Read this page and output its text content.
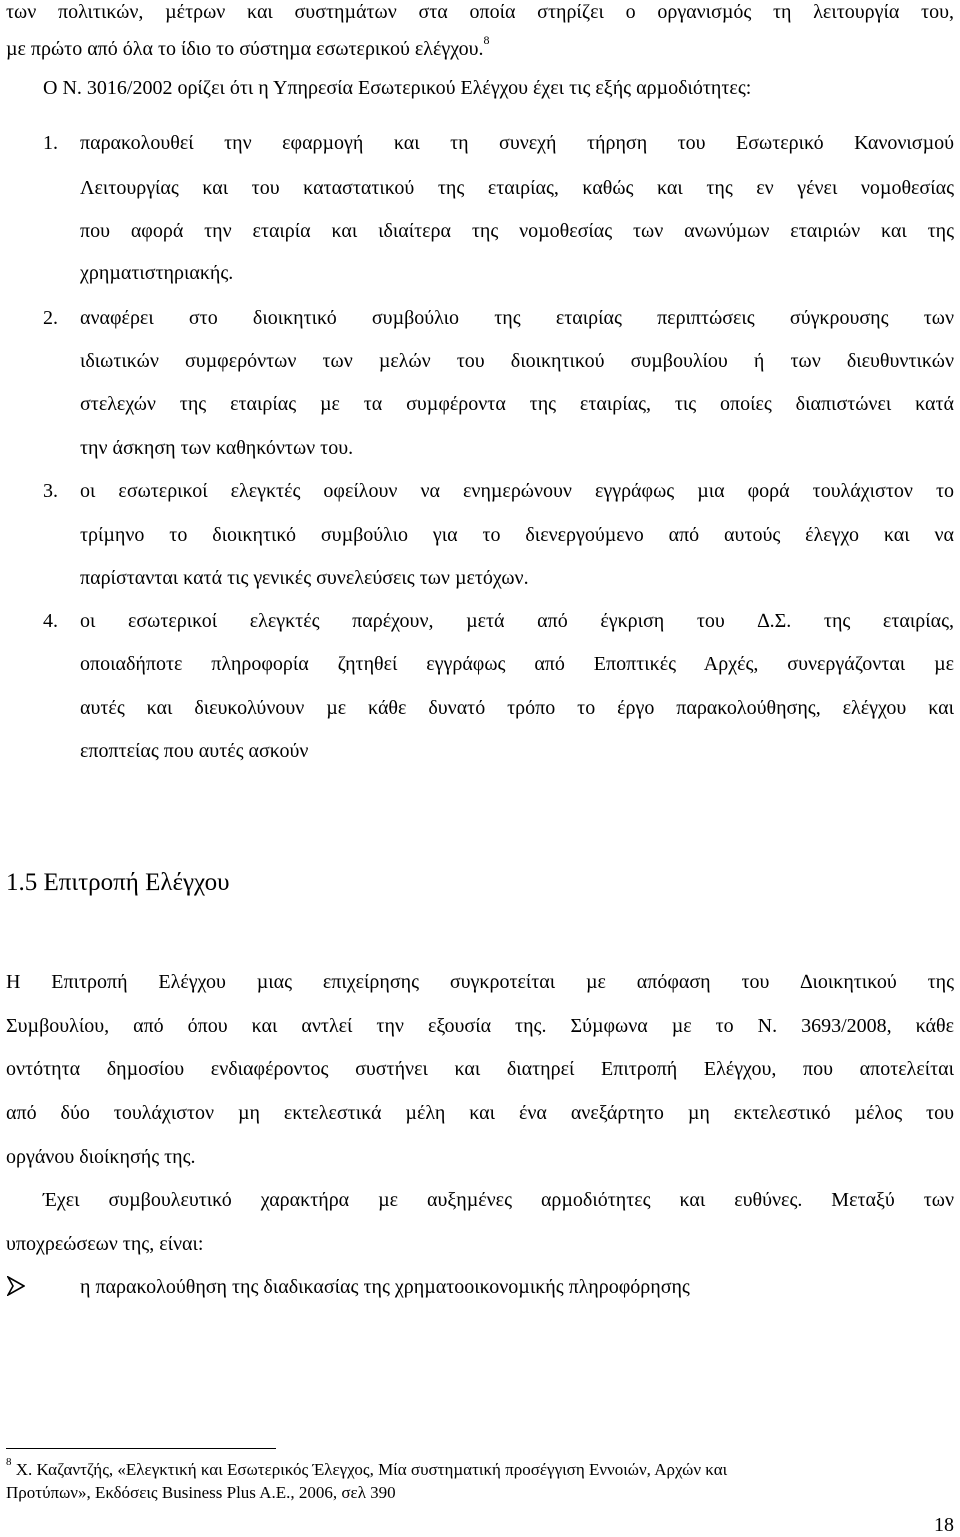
των πολιτικών, µέτρων και συστηµάτων στα οποία στηρίζει ο οργανισµός τη λειτουργία του,
µε πρώτο από όλα το ίδιο το σύστηµα εσωτερικού ελέγχου.$^8$
Ο Ν. 3016/2002 ορίζει ότι η Υπηρεσία Εσωτερικού Ελέγχου έχει τις εξής αρµοδιότητες:
1. παρακολουθεί την εφαρµογή και τη συνεχή τήρηση του Εσωτερικό Κανονισµού
Λειτουργίας και του καταστατικού της εταιρίας, καθώς και της εν γένει νοµοθεσίας
που αφορά την εταιρία και ιδιαίτερα της νοµοθεσίας των ανωνύµων εταιριών και της
χρηµατιστηριακής.
2. αναφέρει στο διοικητικό συµβούλιο της εταιρίας περιπτώσεις σύγκρουσης των
ιδιωτικών συµφερόντων των µελών του διοικητικού συµβουλίου ή των διευθυντικών
στελεχών της εταιρίας µε τα συµφέροντα της εταιρίας, τις οποίες διαπιστώνει κατά
την άσκηση των καθηκόντων του.
3. οι εσωτερικοί ελεγκτές οφείλουν να ενηµερώνουν εγγράφως µια φορά τουλάχιστον το
τρίµηνο το διοικητικό συµβούλιο για το διενεργούµενο από αυτούς έλεγχο και να
παρίστανται κατά τις γενικές συνελεύσεις των µετόχων.
4. οι εσωτερικοί ελεγκτές παρέχουν, µετά από έγκριση του ∆.Σ. της εταιρίας,
οποιαδήποτε πληροφορία ζητηθεί εγγράφως από Εποπτικές Αρχές, συνεργάζονται µε
αυτές και διευκολύνουν µε κάθε δυνατό τρόπο το έργο παρακολούθησης, ελέγχου και
εποπτείας που αυτές ασκούν
1.5 Επιτροπή Ελέγχου
Η Επιτροπή Ελέγχου µιας επιχείρησης συγκροτείται µε απόφαση του ∆ιοικητικού της
Συµβουλίου, από όπου και αντλεί την εξουσία της. Σύµφωνα µε το Ν. 3693/2008, κάθε
οντότητα δηµοσίου ενδιαφέροντος συστήνει και διατηρεί Επιτροπή Ελέγχου, που αποτελείται
από δύο τουλάχιστον µη εκτελεστικά µέλη και ένα ανεξάρτητο µη εκτελεστικό µέλος του
οργάνου διοίκησής της.
Έχει συµβουλευτικό χαρακτήρα µε αυξηµένες αρµοδιότητες και ευθύνες. Μεταξύ των
υποχρεώσεων της, είναι:
η παρακολούθηση της διαδικασίας της χρηµατοοικονοµικής πληροφόρησης
$^8$ Χ. Καζαντζής, «Ελεγκτική και Εσωτερικός Έλεγχος, Μία συστηµατική προσέγγιση Εννοιών, Αρχών και
Προτύπων», Εκδόσεις Business Plus A.E., 2006, σελ 390
18
